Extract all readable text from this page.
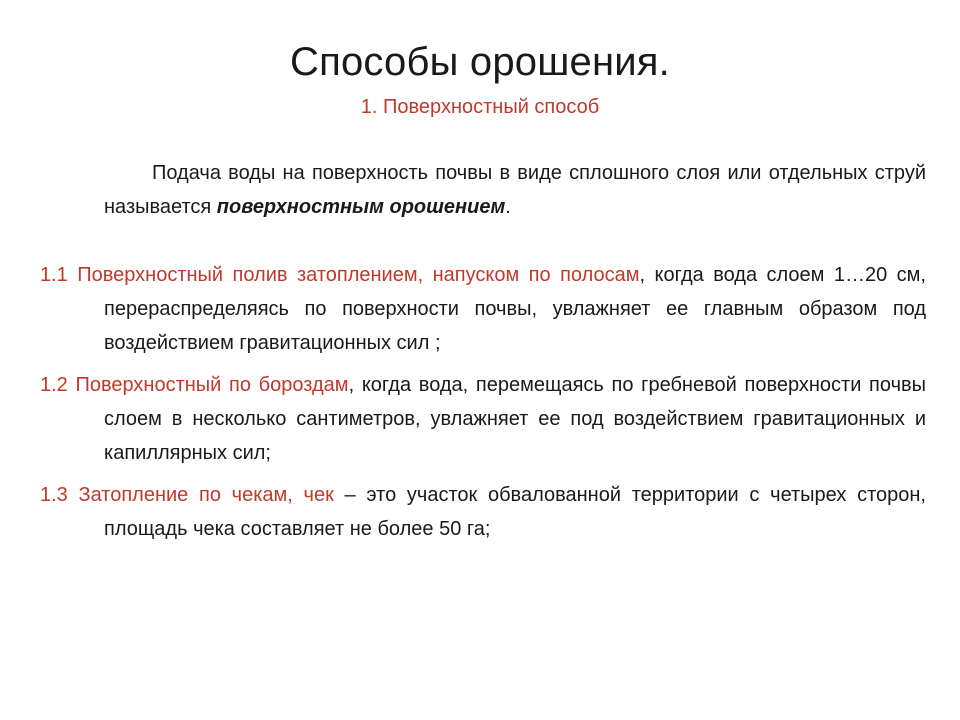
Способы орошения.
1. Поверхностный способ

Подача воды на поверхность почвы в виде сплошного слоя или отдельных струй называется поверхностным орошением.

1.1 Поверхностный полив затоплением, напуском по полосам, когда вода слоем 1…20 см, перераспределяясь по поверхности почвы, увлажняет ее главным образом под воздействием гравитационных сил ;

1.2 Поверхностный по бороздам, когда вода, перемещаясь по гребневой поверхности почвы слоем в несколько сантиметров, увлажняет ее под воздействием гравитационных и капиллярных сил;

1.3 Затопление по чекам, чек – это участок обвалованной территории с четырех сторон, площадь чека составляет не более 50 га;
